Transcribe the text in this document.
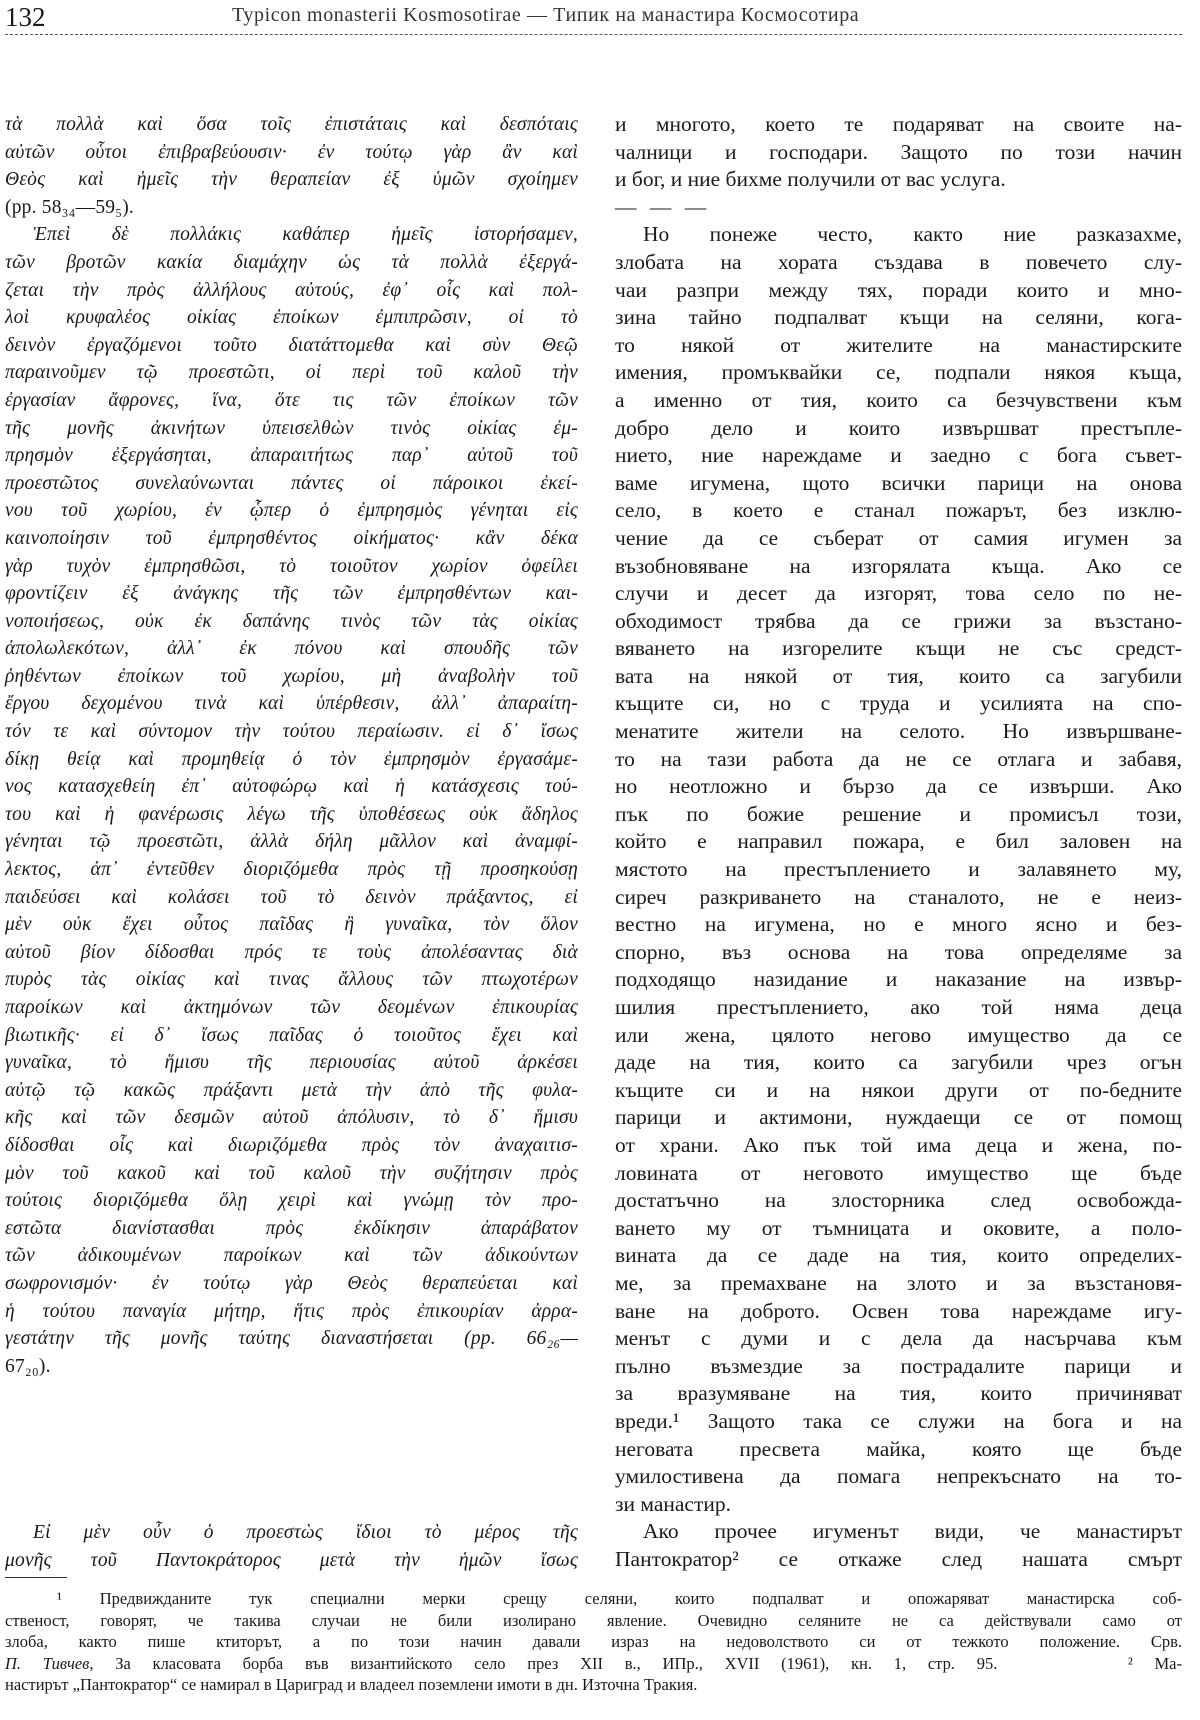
132	Typicon monasterii Kosmosotirae — Типик на манастира Космосотира
τὰ πολλὰ καὶ ὅσα τοῖς ἐπιστάταις καὶ δεσπόταις
αὐτῶν οὗτοι ἐπιβραβεύουσιν· ἐν τούτῳ γὰρ ἂν καὶ
Θεὸς καὶ ἡμεῖς τὴν θεραπείαν ἐξ ὑμῶν σχοίημεν
(pp. 58₃₄—59₅).
Ἐπεὶ δὲ πολλάκις καθάπερ ἡμεῖς ἱστορήσαμεν,
τῶν βροτῶν κακία διαμάχην ὡς τὰ πολλὰ ἐξεργά-
ζεται τὴν πρὸς ἀλλήλους αὐτούς, ἐφ᾽ οἷς καὶ πολ-
λοὶ κρυφαλέος οἰκίας ἐποίκων ἐμπιπρῶσιν, οἱ τὸ
δεινὸν ἐργαζόμενοι τοῦτο διατάττομεθα καὶ σὺν Θεῷ
παραινοῦμεν τῷ προεστῶτι, οἱ περὶ τοῦ καλοῦ τὴν
ἐργασίαν ἄφρονες, ἵνα, ὅτε τις τῶν ἐποίκων τῶν
τῆς μονῆς ἀκινήτων ὑπεισελθὼν τινὸς οἰκίας ἐμ-
πρησμὸν ἐξεργάσηται, ἀπαραιτήτως παρ᾽ αὐτοῦ τοῦ
προεστῶτος συνελαύνωνται πάντες οἱ πάροικοι ἐκεί-
νου τοῦ χωρίου, ἐν ᾧπερ ὁ ἐμπρησμὸς γένηται εἰς
καινοποίησιν τοῦ ἐμπρησθέντος οἰκήματος· κἂν δέκα
γὰρ τυχὸν ἐμπρησθῶσι, τὸ τοιοῦτον χωρίον ὀφείλει
φροντίζειν ἐξ ἀνάγκης τῆς τῶν ἐμπρησθέντων και-
νοποιήσεως, οὐκ ἐκ δαπάνης τινὸς τῶν τὰς οἰκίας
ἀπολωλεκότων, ἀλλ᾽ ἐκ πόνου καὶ σπουδῆς τῶν
ῥηθέντων ἐποίκων τοῦ χωρίου, μὴ ἀναβολὴν τοῦ
ἔργου δεχομένου τινὰ καὶ ὑπέρθεσιν, ἀλλ᾽ ἀπαραίτη-
τόν τε καὶ σύντομον τὴν τούτου περαίωσιν. εἰ δ᾽ ἴσως
δίκῃ θείᾳ καὶ προμηθείᾳ ὁ τὸν ἐμπρησμὸν ἐργασάμε-
νος κατασχεθείη ἐπ᾽ αὐτοφώρῳ καὶ ἡ κατάσχεσις τού-
του καὶ ἡ φανέρωσις λέγω τῆς ὑποθέσεως οὐκ ἄδηλος
γένηται τῷ προεστῶτι, ἀλλὰ δήλη μᾶλλον καὶ ἀναμφί-
λεκτος, ἀπ᾽ ἐντεῦθεν διοριζόμεθα πρὸς τῇ προσηκούσῃ
παιδεύσει καὶ κολάσει τοῦ τὸ δεινὸν πράξαντος, εἰ
μὲν οὐκ ἔχει οὗτος παῖδας ἢ γυναῖκα, τὸν ὅλον
αὐτοῦ βίον δίδοσθαι πρός τε τοὺς ἀπολέσαντας διὰ
πυρὸς τὰς οἰκίας καὶ τινας ἄλλους τῶν πτωχοτέρων
παροίκων καὶ ἀκτημόνων τῶν δεομένων ἐπικουρίας
βιωτικῆς· εἰ δ᾽ ἴσως παῖδας ὁ τοιοῦτος ἔχει καὶ
γυναῖκα, τὸ ἥμισυ τῆς περιουσίας αὐτοῦ ἀρκέσει
αὐτῷ τῷ κακῶς πράξαντι μετὰ τὴν ἀπὸ τῆς φυλα-
κῆς καὶ τῶν δεσμῶν αὐτοῦ ἀπόλυσιν, τὸ δ᾽ ἥμισυ
δίδοσθαι οἷς καὶ διωριζόμεθα πρὸς τὸν ἀναχαιτισ-
μὸν τοῦ κακοῦ καὶ τοῦ καλοῦ τὴν συζήτησιν πρὸς
τούτοις διοριζόμεθα ὅλῃ χειρὶ καὶ γνώμῃ τὸν προ-
εστῶτα διανίστασθαι πρὸς ἐκδίκησιν ἀπαράβατον
τῶν ἀδικουμένων παροίκων καὶ τῶν ἀδικούντων
σωφρονισμόν· ἐν τούτῳ γὰρ Θεὸς θεραπεύεται καὶ
ἡ τούτου παναγία μήτηρ, ἥτις πρὸς ἐπικουρίαν ἀρρα-
γεστάτην τῆς μονῆς ταύτης διαναστήσεται (pp. 66₂₆—
67₂₀).
Εἰ μὲν οὖν ὁ προεστὼς ἴδιοι τὸ μέρος τῆς
μονῆς τοῦ Παντοκράτορος μετὰ τὴν ἡμῶν ἴσως
и многото, което те подаряват на своите на-
чалници и господари. Защото по този начин
и бог, и ние бихме получили от вас услуга.
— — —
Но понеже често, както ние разказахме,
злобата на хората създава в повечето слу-
чаи разпри между тях, поради които и мно-
зина тайно подпалват къщи на селяни, кога-
то някой от жителите на манастирските
имения, промъквайки се, подпали някоя къща,
а именно от тия, които са безчувствени към
добро дело и които извършват престъпле-
нието, ние нареждаме и заедно с бога съвет-
ваме игумена, щото всички парици на онова
село, в което е станал пожарът, без изклю-
чение да се съберат от самия игумен за
възобновяване на изгорялата къща. Ако се
случи и десет да изгорят, това село по не-
обходимост трябва да се грижи за възстано-
вяването на изгорелите къщи не със средст-
вата на някой от тия, които са загубили
къщите си, но с труда и усилията на спо-
менатите жители на селото. Но извършване-
то на тази работа да не се отлага и забавя,
но неотложно и бързо да се извърши. Ако
пък по божие решение и промисъл този,
който е направил пожара, е бил заловен на
мястото на престъплението и залавянето му,
сиреч разкриването на станалото, не е неиз-
вестно на игумена, но е много ясно и без-
спорно, въз основа на това определяме за
подходящо назидание и наказание на извър-
шилия престъплението, ако той няма деца
или жена, цялото негово имущество да се
даде на тия, които са загубили чрез огън
къщите си и на някои други от по-бедните
парици и актимони, нуждаещи се от помощ
от храни. Ако пък той има деца и жена, по-
ловината от неговото имущество ще бъде
достатъчно на злосторника след освобожда-
ването му от тъмницата и оковите, а поло-
вината да се даде на тия, които определих-
ме, за премахване на злото и за възстановя-
ване на доброто. Освен това нареждаме игу-
менът с думи и с дела да насърчава към
пълно възмездие за пострадалите парици и
за вразумяване на тия, които причиняват
вреди.¹ Защото така се служи на бога и на
неговата пресвета майка, която ще бъде
умилостивена да помага непрекъснато на то-
зи манастир.
Ако прочее игуменът види, че манастирът
Пантократор² се откаже след нашата смърт
¹ Предвижданите тук специални мерки срещу селяни, които подпалват и опожаряват манастирска соб-
ственост, говорят, че такива случаи не били изолирано явление. Очевидно селяните не са действували само от
злоба, както пише ктиторът, а по този начин давали израз на недоволството си от тежкото положение. Срв.
П. Тивчев, За класовата борба във византийското село през XII в., ИПр., XVII (1961), кн. 1, стр. 95.      ² Ма-
настирът „Пантократор“ се намирал в Цариград и владеел поземлени имоти в дн. Източна Тракия.
